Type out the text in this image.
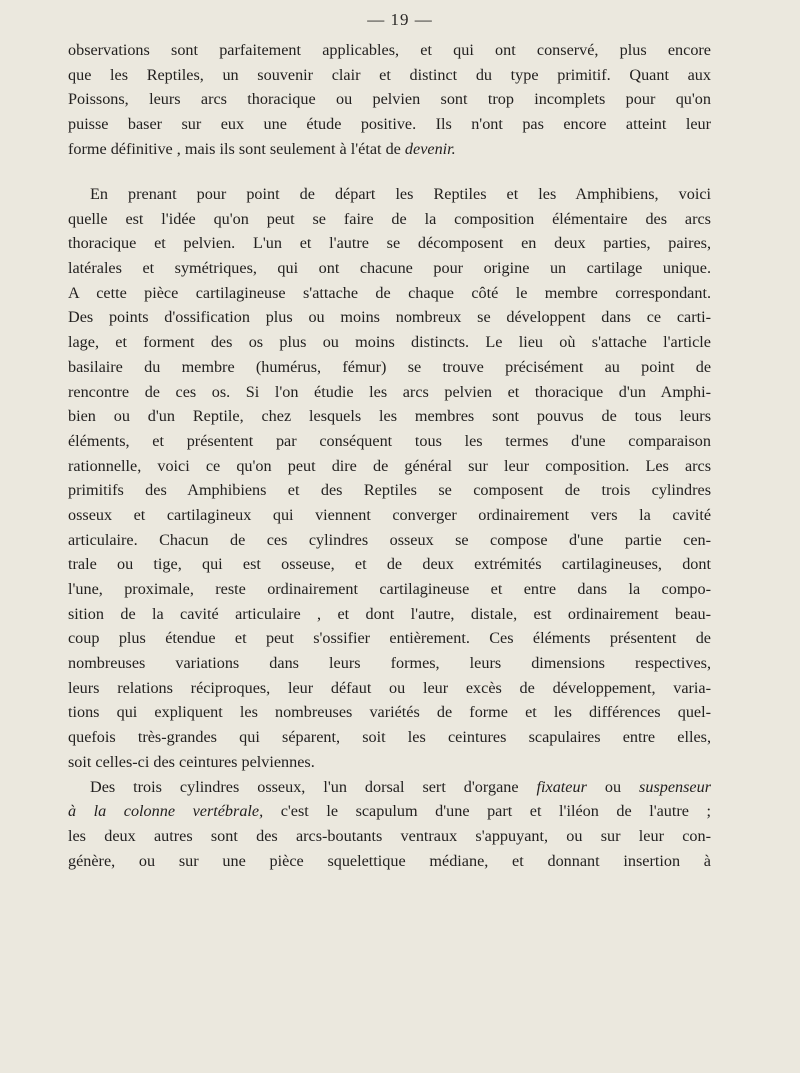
— 19 —
observations sont parfaitement applicables, et qui ont conservé, plus encore
que les Reptiles, un souvenir clair et distinct du type primitif. Quant aux
Poissons, leurs arcs thoracique ou pelvien sont trop incomplets pour qu'on
puisse baser sur eux une étude positive. Ils n'ont pas encore atteint leur
forme définitive , mais ils sont seulement à l'état de devenir.
En prenant pour point de départ les Reptiles et les Amphibiens, voici
quelle est l'idée qu'on peut se faire de la composition élémentaire des arcs
thoracique et pelvien. L'un et l'autre se décomposent en deux parties, paires,
latérales et symétriques, qui ont chacune pour origine un cartilage unique.
A cette pièce cartilagineuse s'attache de chaque côté le membre correspondant.
Des points d'ossification plus ou moins nombreux se développent dans ce carti-
lage, et forment des os plus ou moins distincts. Le lieu où s'attache l'article
basilaire du membre (humérus, fémur) se trouve précisément au point de
rencontre de ces os. Si l'on étudie les arcs pelvien et thoracique d'un Amphi-
bien ou d'un Reptile, chez lesquels les membres sont pouvus de tous leurs
éléments, et présentent par conséquent tous les termes d'une comparaison
rationnelle, voici ce qu'on peut dire de général sur leur composition. Les arcs
primitifs des Amphibiens et des Reptiles se composent de trois cylindres
osseux et cartilagineux qui viennent converger ordinairement vers la cavité
articulaire. Chacun de ces cylindres osseux se compose d'une partie cen-
trale ou tige, qui est osseuse, et de deux extrémités cartilagineuses, dont
l'une, proximale, reste ordinairement cartilagineuse et entre dans la compo-
sition de la cavité articulaire , et dont l'autre, distale, est ordinairement beau-
coup plus étendue et peut s'ossifier entièrement. Ces éléments présentent de
nombreuses variations dans leurs formes, leurs dimensions respectives,
leurs relations réciproques, leur défaut ou leur excès de développement, varia-
tions qui expliquent les nombreuses variétés de forme et les différences quel-
quefois très-grandes qui séparent, soit les ceintures scapulaires entre elles,
soit celles-ci des ceintures pelviennes.
Des trois cylindres osseux, l'un dorsal sert d'organe fixateur ou suspenseur
à la colonne vertébrale, c'est le scapulum d'une part et l'iléon de l'autre ;
les deux autres sont des arcs-boutants ventraux s'appuyant, ou sur leur con-
génère, ou sur une pièce squelettique médiane, et donnant insertion à
